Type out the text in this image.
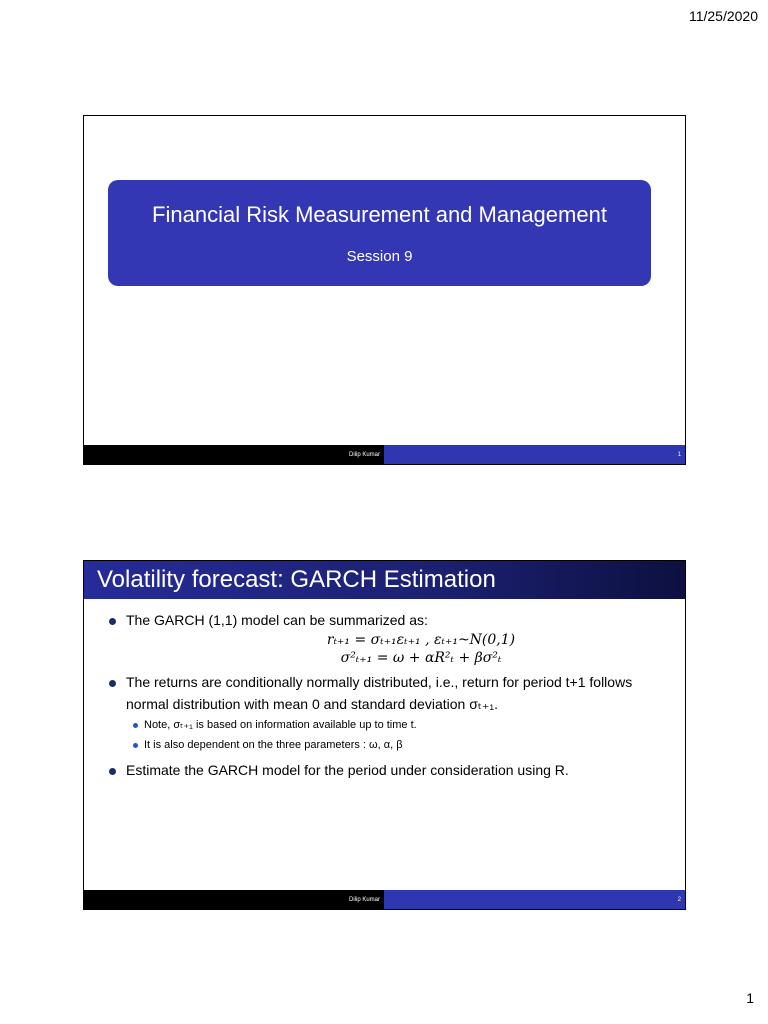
11/25/2020
Financial Risk Measurement and Management
Session 9
Dilip Kumar	1
Volatility forecast: GARCH Estimation
The GARCH (1,1) model can be summarized as:
rₜ₊₁ = σₜ₊₁εₜ₊₁ , εₜ₊₁~N(0,1)
σ²ₜ₊₁ = ω + αR²ₜ + βσ²ₜ
The returns are conditionally normally distributed, i.e., return for period t+1 follows normal distribution with mean 0 and standard deviation σₜ₊₁.
Note, σₜ₊₁ is based on information available up to time t.
It is also dependent on the three parameters : ω, α, β
Estimate the GARCH model for the period under consideration using R.
Dilip Kumar	2
1
